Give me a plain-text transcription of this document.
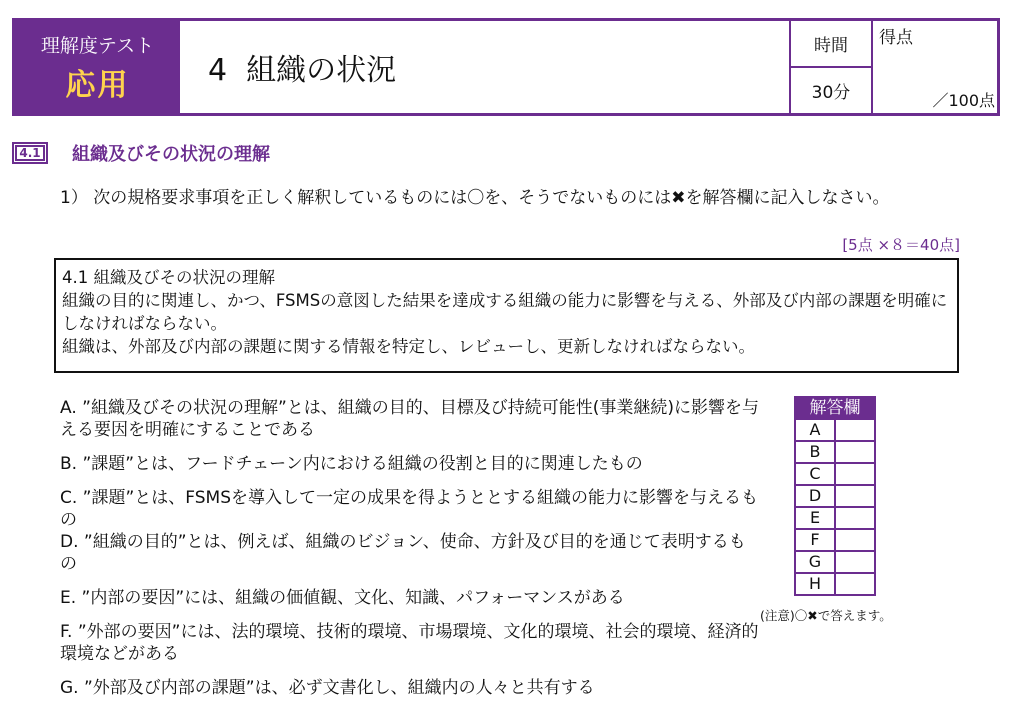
理解度テスト
応用	4  組織の状況
時間
30分
得点
／100点
4.1	組織及びその状況の理解
1） 次の規格要求事項を正しく解釈しているものには〇を、そうでないものには✖を解答欄に記入しなさい。
[5点 ×８＝40点]
4.1 組織及びその状況の理解
組織の目的に関連し、かつ、FSMSの意図した結果を達成する組織の能力に影響を与える、外部及び内部の課題を明確にしなければならない。
組織は、外部及び内部の課題に関する情報を特定し、レビューし、更新しなければならない。
A. ”組織及びその状況の理解”とは、組織の目的、目標及び持続可能性(事業継続)に影響を与える要因を明確にすることである
B. ”課題”とは、フードチェーン内における組織の役割と目的に関連したもの
C. ”課題”とは、FSMSを導入して一定の成果を得ようととする組織の能力に影響を与えるもの
D. ”組織の目的”とは、例えば、組織のビジョン、使命、方針及び目的を通じて表明するもの
E. ”内部の要因”には、組織の価値観、文化、知識、パフォーマンスがある
F. ”外部の要因”には、法的環境、技術的環境、市場環境、文化的環境、社会的環境、経済的環境などがある
G. ”外部及び内部の課題”は、必ず文書化し、組織内の人々と共有する
解答欄
A
B
C
D
E
F
G
H
(注意)〇✖で答えます。
